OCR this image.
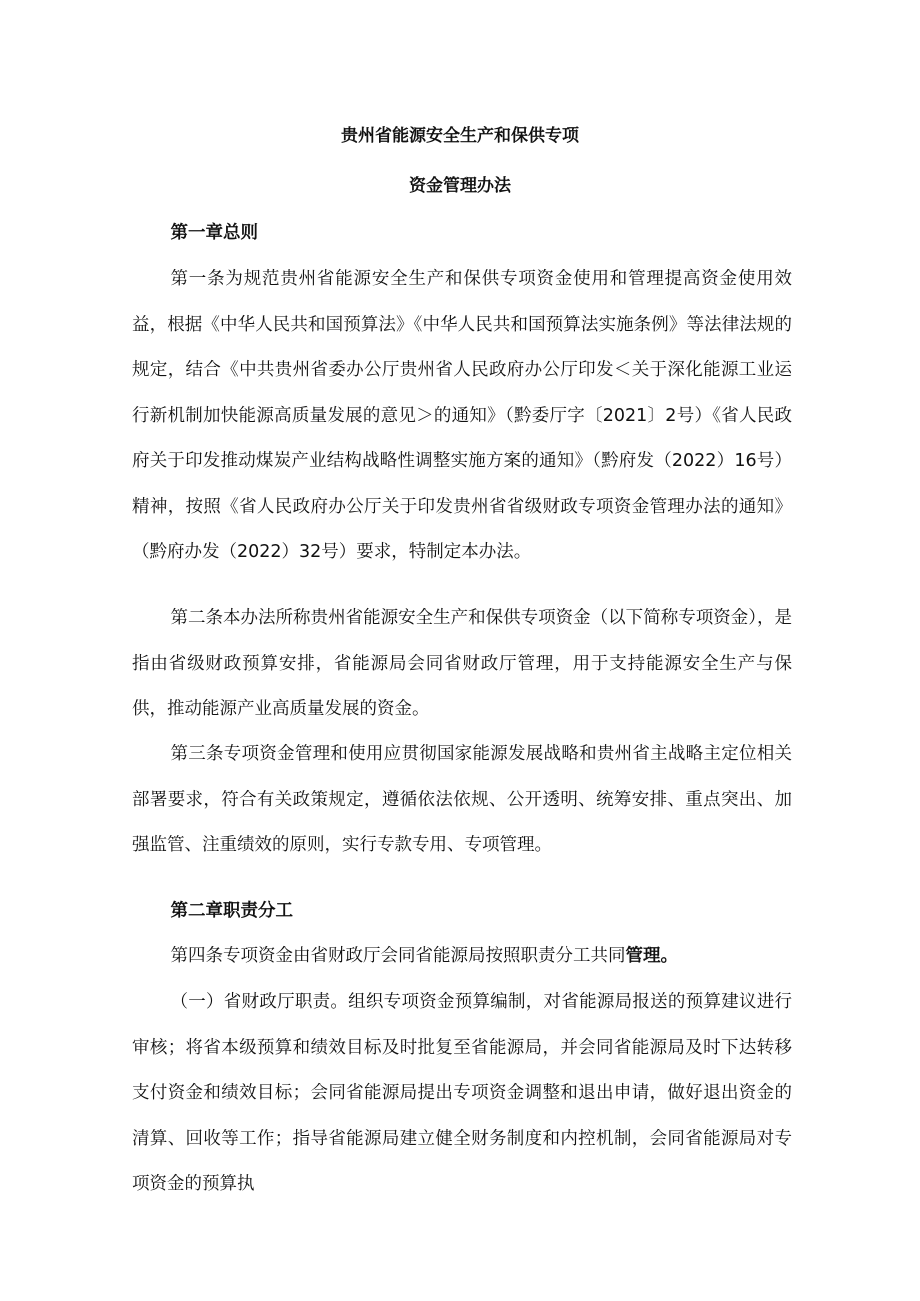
贵州省能源安全生产和保供专项
资金管理办法
第一章总则
第一条为规范贵州省能源安全生产和保供专项资金使用和管理提高资金使用效益，根据《中华人民共和国预算法》《中华人民共和国预算法实施条例》等法律法规的规定，结合《中共贵州省委办公厅贵州省人民政府办公厅印发＜关于深化能源工业运行新机制加快能源高质量发展的意见＞的通知》（黔委厅字〔2021〕2号）《省人民政府关于印发推动煤炭产业结构战略性调整实施方案的通知》（黔府发（2022）16号）精神，按照《省人民政府办公厅关于印发贵州省省级财政专项资金管理办法的通知》（黔府办发（2022）32号）要求，特制定本办法。
第二条本办法所称贵州省能源安全生产和保供专项资金（以下简称专项资金），是指由省级财政预算安排，省能源局会同省财政厅管理，用于支持能源安全生产与保供，推动能源产业高质量发展的资金。
第三条专项资金管理和使用应贯彻国家能源发展战略和贵州省主战略主定位相关部署要求，符合有关政策规定，遵循依法依规、公开透明、统筹安排、重点突出、加强监管、注重绩效的原则，实行专款专用、专项管理。
第二章职责分工
第四条专项资金由省财政厅会同省能源局按照职责分工共同管理。
（一）省财政厅职责。组织专项资金预算编制，对省能源局报送的预算建议进行审核；将省本级预算和绩效目标及时批复至省能源局，并会同省能源局及时下达转移支付资金和绩效目标；会同省能源局提出专项资金调整和退出申请，做好退出资金的清算、回收等工作；指导省能源局建立健全财务制度和内控机制，会同省能源局对专项资金的预算执
